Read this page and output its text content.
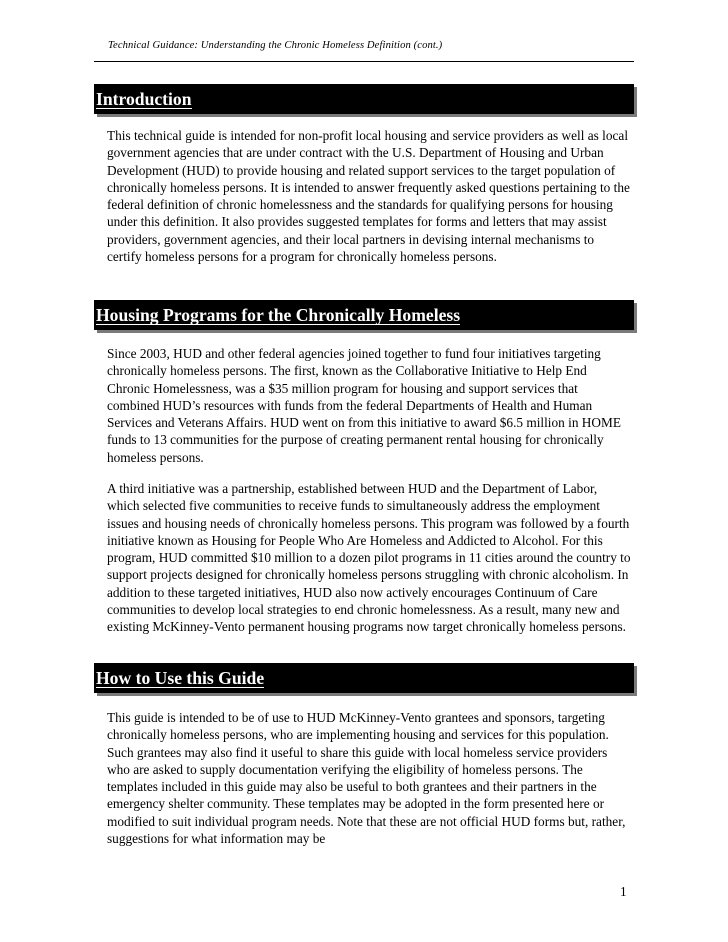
Technical Guidance: Understanding the Chronic Homeless Definition (cont.)
Introduction

This technical guide is intended for non-profit local housing and service providers as well as local government agencies that are under contract with the U.S. Department of Housing and Urban Development (HUD) to provide housing and related support services to the target population of chronically homeless persons. It is intended to answer frequently asked questions pertaining to the federal definition of chronic homelessness and the standards for qualifying persons for housing under this definition. It also provides suggested templates for forms and letters that may assist providers, government agencies, and their local partners in devising internal mechanisms to certify homeless persons for a program for chronically homeless persons.

Housing Programs for the Chronically Homeless

Since 2003, HUD and other federal agencies joined together to fund four initiatives targeting chronically homeless persons. The first, known as the Collaborative Initiative to Help End Chronic Homelessness, was a $35 million program for housing and support services that combined HUD’s resources with funds from the federal Departments of Health and Human Services and Veterans Affairs. HUD went on from this initiative to award $6.5 million in HOME funds to 13 communities for the purpose of creating permanent rental housing for chronically homeless persons.

A third initiative was a partnership, established between HUD and the Department of Labor, which selected five communities to receive funds to simultaneously address the employment issues and housing needs of chronically homeless persons. This program was followed by a fourth initiative known as Housing for People Who Are Homeless and Addicted to Alcohol. For this program, HUD committed $10 million to a dozen pilot programs in 11 cities around the country to support projects designed for chronically homeless persons struggling with chronic alcoholism. In addition to these targeted initiatives, HUD also now actively encourages Continuum of Care communities to develop local strategies to end chronic homelessness. As a result, many new and existing McKinney-Vento permanent housing programs now target chronically homeless persons.

How to Use this Guide

This guide is intended to be of use to HUD McKinney-Vento grantees and sponsors, targeting chronically homeless persons, who are implementing housing and services for this population. Such grantees may also find it useful to share this guide with local homeless service providers who are asked to supply documentation verifying the eligibility of homeless persons. The templates included in this guide may also be useful to both grantees and their partners in the emergency shelter community. These templates may be adopted in the form presented here or modified to suit individual program needs. Note that these are not official HUD forms but, rather, suggestions for what information may be

1
